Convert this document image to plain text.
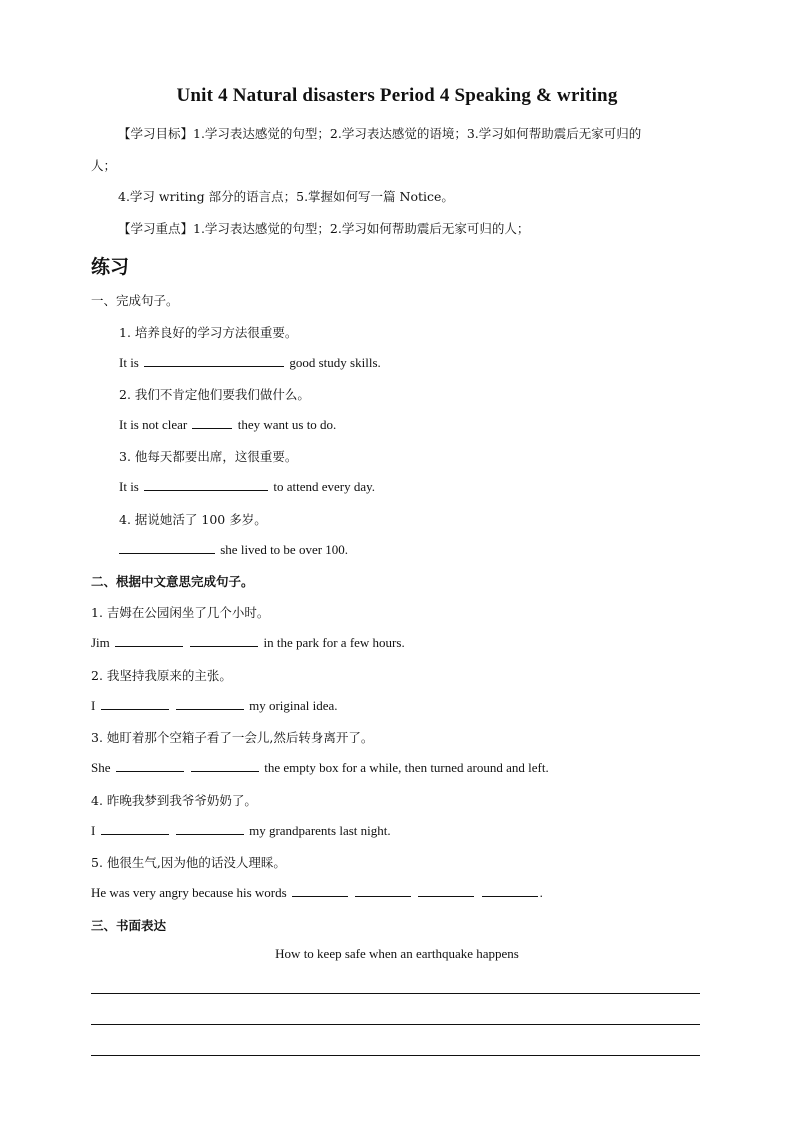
Unit 4 Natural disasters Period 4 Speaking & writing
【学习目标】1.学习表达感觉的句型；2.学习表达感觉的语境；3.学习如何帮助震后无家可归的
人；
4.学习 writing 部分的语言点；5.掌握如何写一篇 Notice。
【学习重点】1.学习表达感觉的句型；2.学习如何帮助震后无家可归的人；
练习
一、完成句子。
1. 培养良好的学习方法很重要。
It is	good study skills.
2. 我们不肯定他们要我们做什么。
It is not clear	they want us to do.
3. 他每天都要出席，这很重要。
It is	to attend every day.
4. 据说她活了 100 多岁。
she lived to be over 100.
二、根据中文意思完成句子。
1. 吉姆在公园闲坐了几个小时。
Jim	in the park for a few hours.
2. 我坚持我原来的主张。
I	my original idea.
3. 她盯着那个空箱子看了一会儿,然后转身离开了。
She	the empty box for a while, then turned around and left.
4. 昨晚我梦到我爷爷奶奶了。
I	my grandparents last night.
5. 他很生气,因为他的话没人理睬。
He was very angry because his words	.
三、书面表达
How to keep safe when an earthquake happens
